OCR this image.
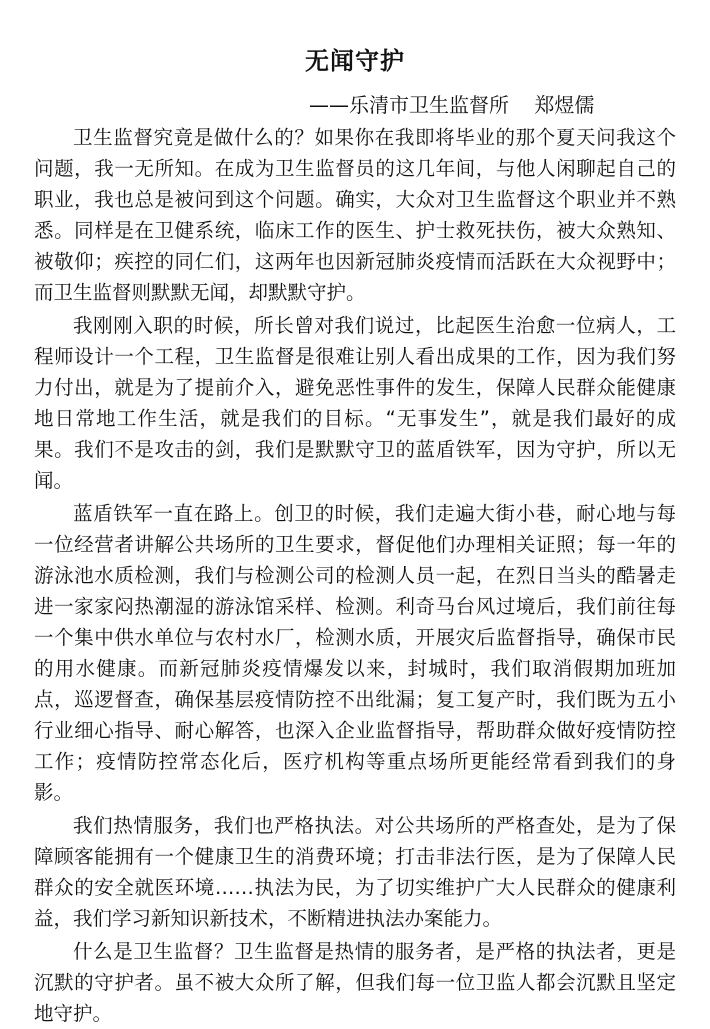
无闻守护
——乐清市卫生监督所    郑煜儒

卫生监督究竟是做什么的？如果你在我即将毕业的那个夏天问我这个问题，我一无所知。在成为卫生监督员的这几年间，与他人闲聊起自己的职业，我也总是被问到这个问题。确实，大众对卫生监督这个职业并不熟悉。同样是在卫健系统，临床工作的医生、护士救死扶伤，被大众熟知、被敬仰；疾控的同仁们，这两年也因新冠肺炎疫情而活跃在大众视野中；而卫生监督则默默无闻，却默默守护。

我刚刚入职的时候，所长曾对我们说过，比起医生治愈一位病人，工程师设计一个工程，卫生监督是很难让别人看出成果的工作，因为我们努力付出，就是为了提前介入，避免恶性事件的发生，保障人民群众能健康地日常地工作生活，就是我们的目标。“无事发生”，就是我们最好的成果。我们不是攻击的剑，我们是默默守卫的蓝盾铁军，因为守护，所以无闻。

蓝盾铁军一直在路上。创卫的时候，我们走遍大街小巷，耐心地与每一位经营者讲解公共场所的卫生要求，督促他们办理相关证照；每一年的游泳池水质检测，我们与检测公司的检测人员一起，在烈日当头的酷暑走进一家家闷热潮湿的游泳馆采样、检测。利奇马台风过境后，我们前往每一个集中供水单位与农村水厂，检测水质，开展灾后监督指导，确保市民的用水健康。而新冠肺炎疫情爆发以来，封城时，我们取消假期加班加点，巡逻督查，确保基层疫情防控不出纰漏；复工复产时，我们既为五小行业细心指导、耐心解答，也深入企业监督指导，帮助群众做好疫情防控工作；疫情防控常态化后，医疗机构等重点场所更能经常看到我们的身影。

我们热情服务，我们也严格执法。对公共场所的严格查处，是为了保障顾客能拥有一个健康卫生的消费环境；打击非法行医，是为了保障人民群众的安全就医环境……执法为民，为了切实维护广大人民群众的健康利益，我们学习新知识新技术，不断精进执法办案能力。

什么是卫生监督？卫生监督是热情的服务者，是严格的执法者，更是沉默的守护者。虽不被大众所了解，但我们每一位卫监人都会沉默且坚定地守护。
